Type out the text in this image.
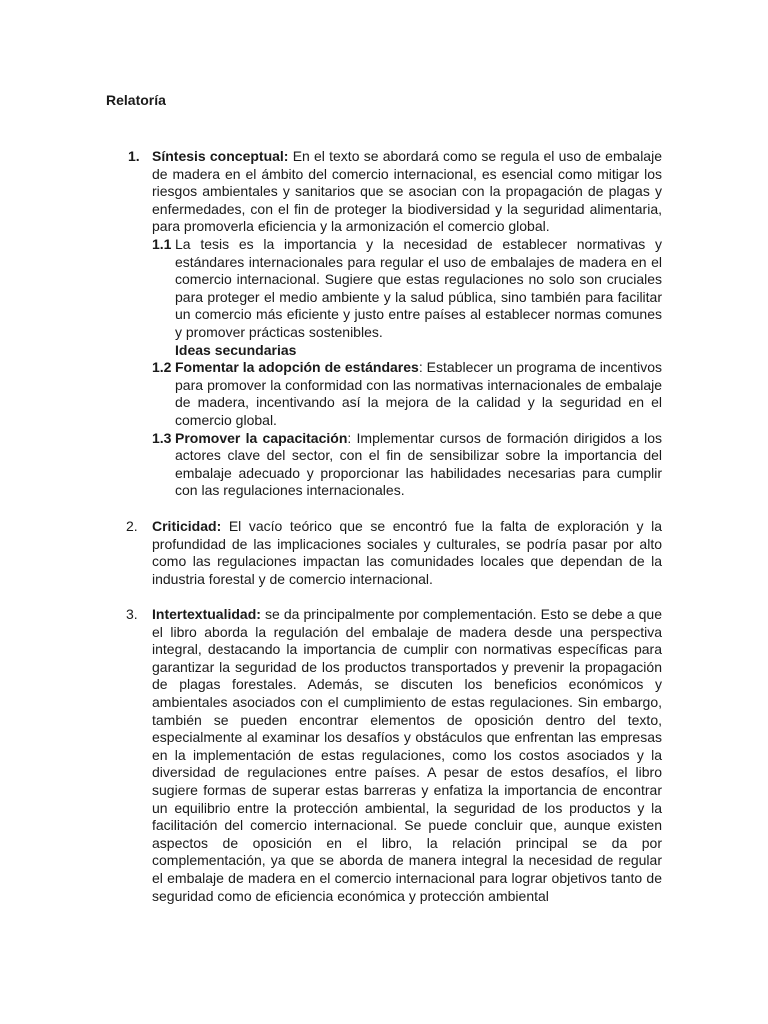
Relatoría
1. Síntesis conceptual: En el texto se abordará como se regula el uso de embalaje de madera en el ámbito del comercio internacional, es esencial como mitigar los riesgos ambientales y sanitarios que se asocian con la propagación de plagas y enfermedades, con el fin de proteger la biodiversidad y la seguridad alimentaria, para promoverla eficiencia y la armonización el comercio global.

1.1 La tesis es la importancia y la necesidad de establecer normativas y estándares internacionales para regular el uso de embalajes de madera en el comercio internacional. Sugiere que estas regulaciones no solo son cruciales para proteger el medio ambiente y la salud pública, sino también para facilitar un comercio más eficiente y justo entre países al establecer normas comunes y promover prácticas sostenibles.

Ideas secundarias
1.2 Fomentar la adopción de estándares: Establecer un programa de incentivos para promover la conformidad con las normativas internacionales de embalaje de madera, incentivando así la mejora de la calidad y la seguridad en el comercio global.

1.3 Promover la capacitación: Implementar cursos de formación dirigidos a los actores clave del sector, con el fin de sensibilizar sobre la importancia del embalaje adecuado y proporcionar las habilidades necesarias para cumplir con las regulaciones internacionales.

2. Criticidad: El vacío teórico que se encontró fue la falta de exploración y la profundidad de las implicaciones sociales y culturales, se podría pasar por alto como las regulaciones impactan las comunidades locales que dependan de la industria forestal y de comercio internacional.

3. Intertextualidad: se da principalmente por complementación. Esto se debe a que el libro aborda la regulación del embalaje de madera desde una perspectiva integral, destacando la importancia de cumplir con normativas específicas para garantizar la seguridad de los productos transportados y prevenir la propagación de plagas forestales. Además, se discuten los beneficios económicos y ambientales asociados con el cumplimiento de estas regulaciones. Sin embargo, también se pueden encontrar elementos de oposición dentro del texto, especialmente al examinar los desafíos y obstáculos que enfrentan las empresas en la implementación de estas regulaciones, como los costos asociados y la diversidad de regulaciones entre países. A pesar de estos desafíos, el libro sugiere formas de superar estas barreras y enfatiza la importancia de encontrar un equilibrio entre la protección ambiental, la seguridad de los productos y la facilitación del comercio internacional. Se puede concluir que, aunque existen aspectos de oposición en el libro, la relación principal se da por complementación, ya que se aborda de manera integral la necesidad de regular el embalaje de madera en el comercio internacional para lograr objetivos tanto de seguridad como de eficiencia económica y protección ambiental
